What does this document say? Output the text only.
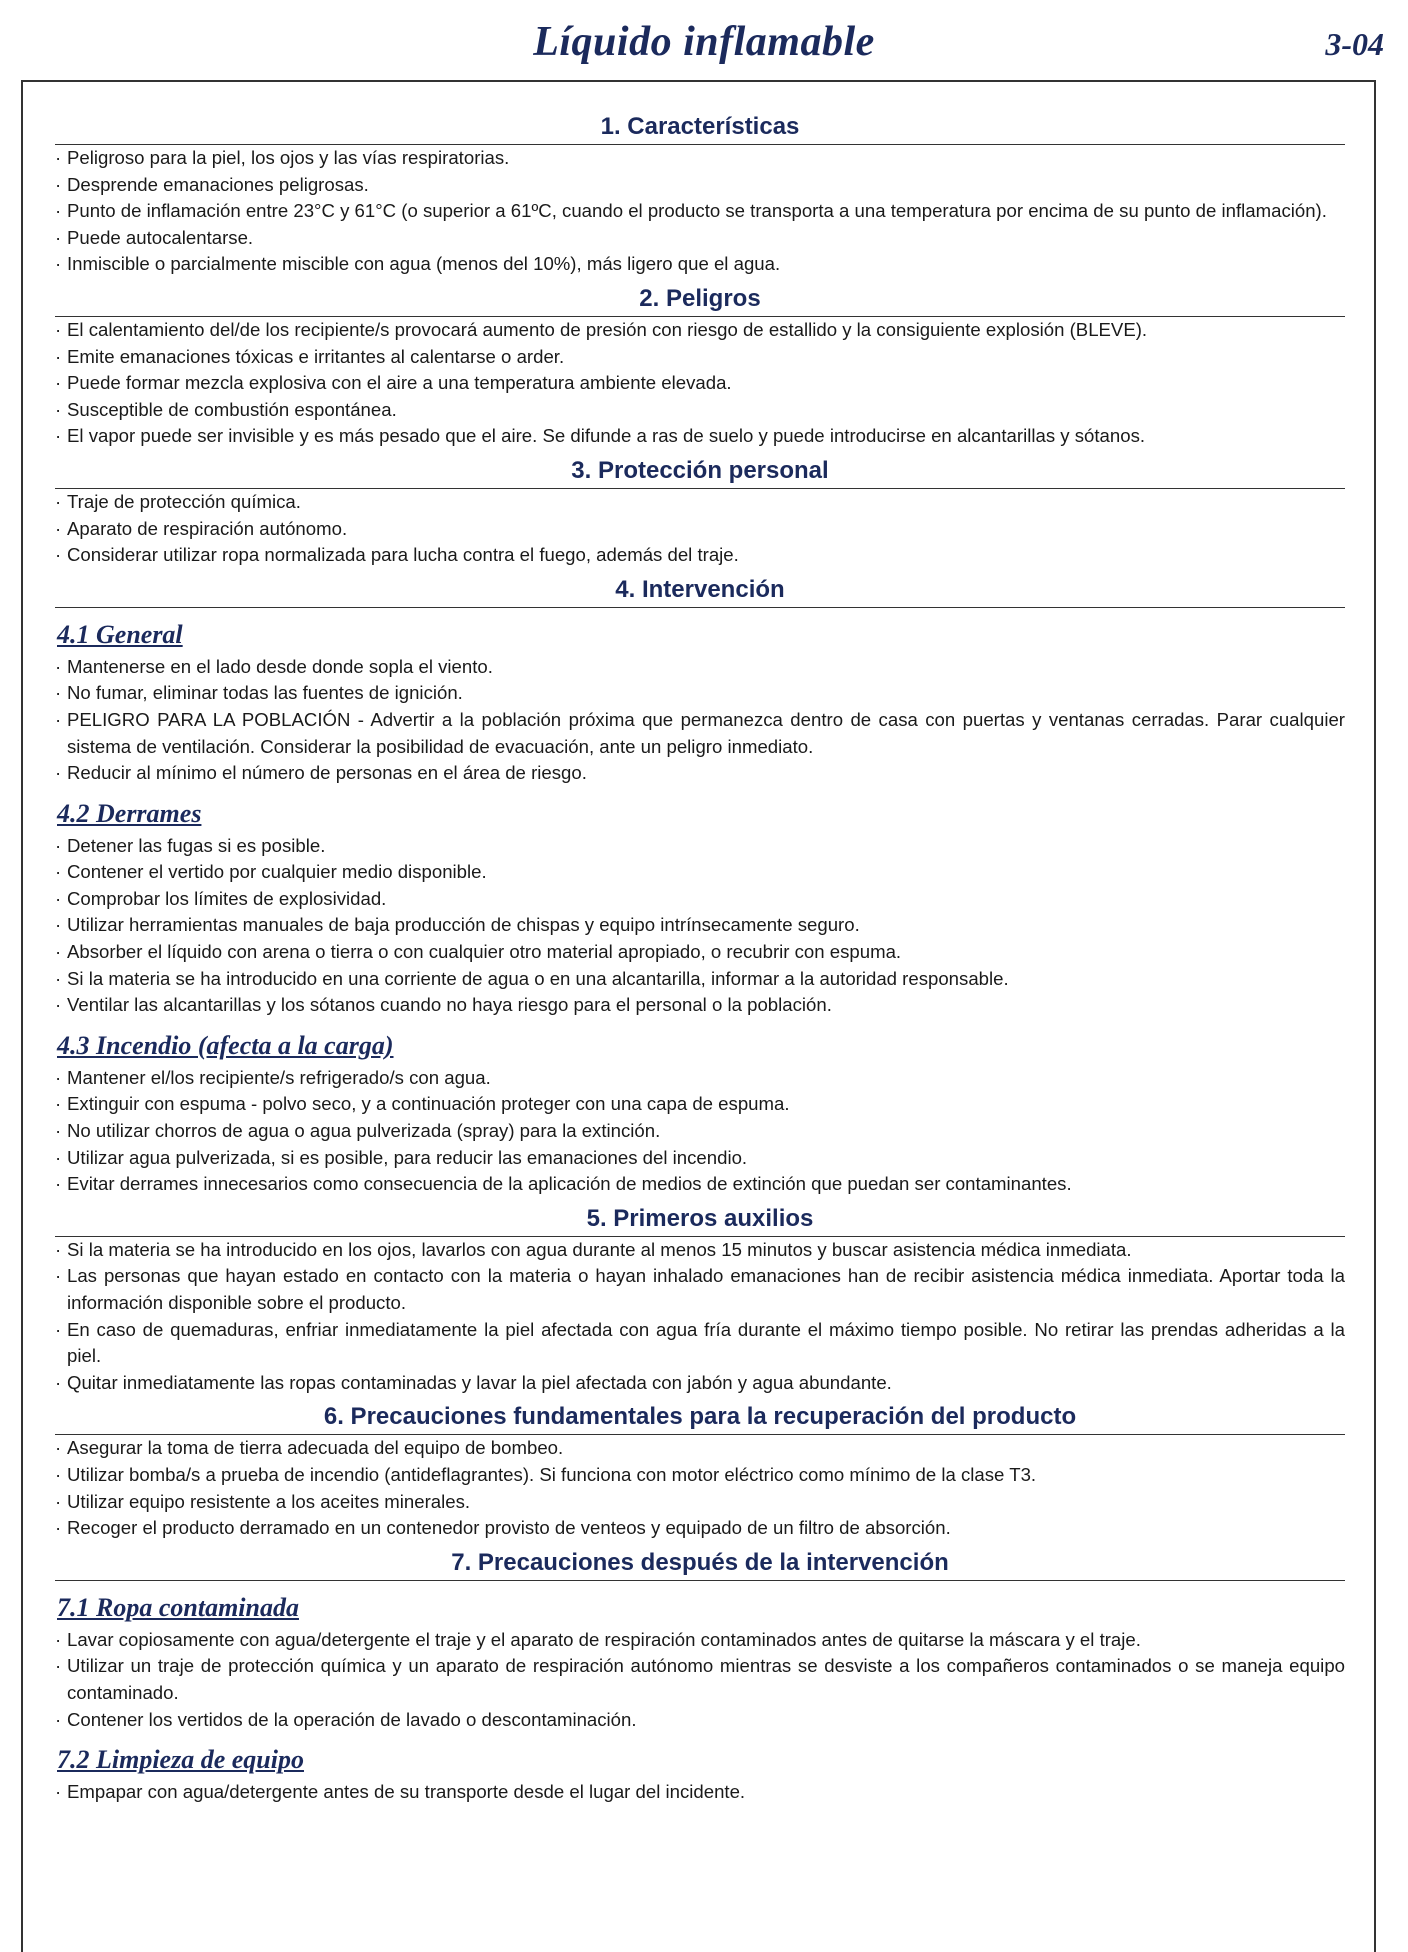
Líquido inflamable	3-04
1. Características
· Peligroso para la piel, los ojos y las vías respiratorias.
· Desprende emanaciones peligrosas.
· Punto de inflamación entre 23°C y 61°C (o superior a 61ºC, cuando el producto se transporta a una temperatura por encima de su punto de inflamación).
· Puede autocalentarse.
· Inmiscible o parcialmente miscible con agua (menos del 10%), más ligero que el agua.
2. Peligros
· El calentamiento del/de los recipiente/s provocará aumento de presión con riesgo de estallido y la consiguiente explosión (BLEVE).
· Emite emanaciones tóxicas e irritantes al calentarse o arder.
· Puede formar mezcla explosiva con el aire a una temperatura ambiente elevada.
· Susceptible de combustión espontánea.
· El vapor puede ser invisible y es más pesado que el aire. Se difunde a ras de suelo y puede introducirse en alcantarillas y sótanos.
3. Protección personal
· Traje de protección química.
· Aparato de respiración autónomo.
· Considerar utilizar ropa normalizada para lucha contra el fuego, además del traje.
4. Intervención
4.1 General
· Mantenerse en el lado desde donde sopla el viento.
· No fumar, eliminar todas las fuentes de ignición.
· PELIGRO PARA LA POBLACIÓN - Advertir a la población próxima que permanezca dentro de casa con puertas y ventanas cerradas. Parar cualquier sistema de ventilación. Considerar la posibilidad de evacuación, ante un peligro inmediato.
· Reducir al mínimo el número de personas en el área de riesgo.
4.2 Derrames
· Detener las fugas si es posible.
· Contener el vertido por cualquier medio disponible.
· Comprobar los límites de explosividad.
· Utilizar herramientas manuales de baja producción de chispas y equipo intrínsecamente seguro.
· Absorber el líquido con arena o tierra o con cualquier otro material apropiado, o recubrir con espuma.
· Si la materia se ha introducido en una corriente de agua o en una alcantarilla, informar a la autoridad responsable.
· Ventilar las alcantarillas y los sótanos cuando no haya riesgo para el personal o la población.
4.3 Incendio (afecta a la carga)
· Mantener el/los recipiente/s refrigerado/s con agua.
· Extinguir con espuma - polvo seco, y a continuación proteger con una capa de espuma.
· No utilizar chorros de agua o agua pulverizada (spray) para la extinción.
· Utilizar agua pulverizada, si es posible, para reducir las emanaciones del incendio.
· Evitar derrames innecesarios como consecuencia de la aplicación de medios de extinción que puedan ser contaminantes.
5. Primeros auxilios
· Si la materia se ha introducido en los ojos, lavarlos con agua durante al menos 15 minutos y buscar asistencia médica inmediata.
· Las personas que hayan estado en contacto con la materia o hayan inhalado emanaciones han de recibir asistencia médica inmediata. Aportar toda la información disponible sobre el producto.
· En caso de quemaduras, enfriar inmediatamente la piel afectada con agua fría durante el máximo tiempo posible. No retirar las prendas adheridas a la piel.
· Quitar inmediatamente las ropas contaminadas y lavar la piel afectada con jabón y agua abundante.
6. Precauciones fundamentales para la recuperación del producto
· Asegurar la toma de tierra adecuada del equipo de bombeo.
· Utilizar bomba/s a prueba de incendio (antideflagrantes). Si funciona con motor eléctrico como mínimo de la clase T3.
· Utilizar equipo resistente a los aceites minerales.
· Recoger el producto derramado en un contenedor provisto de venteos y equipado de un filtro de absorción.
7. Precauciones después de la intervención
7.1 Ropa contaminada
· Lavar copiosamente con agua/detergente el traje y el aparato de respiración contaminados antes de quitarse la máscara y el traje.
· Utilizar un traje de protección química y un aparato de respiración autónomo mientras se desviste a los compañeros contaminados o se maneja equipo contaminado.
· Contener los vertidos de la operación de lavado o descontaminación.
7.2 Limpieza de equipo
· Empapar con agua/detergente antes de su transporte desde el lugar del incidente.
